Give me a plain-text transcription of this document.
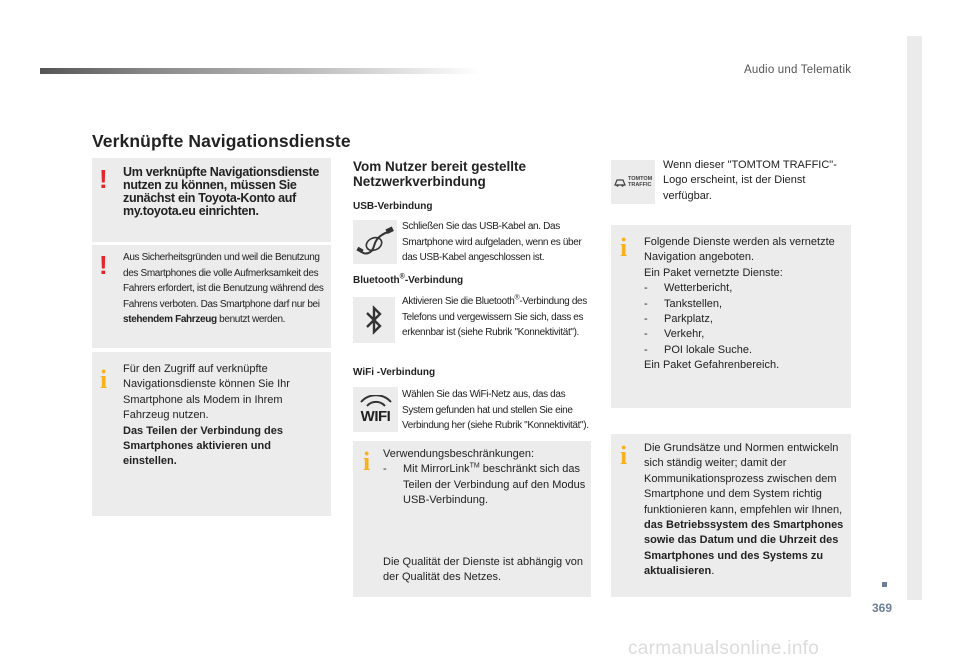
Audio und Telematik
369
carmanualsonline.info
Verknüpfte Navigationsdienste
! Um verknüpfte Navigationsdienste nutzen zu können, müssen Sie zunächst ein Toyota-Konto auf my.toyota.eu einrichten.
! Aus Sicherheitsgründen und weil die Benutzung des Smartphones die volle Aufmerksamkeit des Fahrers erfordert, ist die Benutzung während des Fahrens verboten. Das Smartphone darf nur bei stehendem Fahrzeug benutzt werden.
i Für den Zugriff auf verknüpfte Navigationsdienste können Sie Ihr Smartphone als Modem in Ihrem Fahrzeug nutzen.
Das Teilen der Verbindung des Smartphones aktivieren und einstellen.
Vom Nutzer bereit gestellte Netzwerkverbindung
USB-Verbindung
Schließen Sie das USB-Kabel an. Das Smartphone wird aufgeladen, wenn es über das USB-Kabel angeschlossen ist.
Bluetooth®-Verbindung
Aktivieren Sie die Bluetooth®-Verbindung des Telefons und vergewissern Sie sich, dass es erkennbar ist (siehe Rubrik "Konnektivität").
WiFi -Verbindung
WIFI
Wählen Sie das WiFi-Netz aus, das das System gefunden hat und stellen Sie eine Verbindung her (siehe Rubrik "Konnektivität").
i Verwendungsbeschränkungen:
- Mit MirrorLink™ beschränkt sich das Teilen der Verbindung auf den Modus USB-Verbindung.
Die Qualität der Dienste ist abhängig von der Qualität des Netzes.
TOMTOM
TRAFFIC
Wenn dieser "TOMTOM TRAFFIC"-Logo erscheint, ist der Dienst verfügbar.
i Folgende Dienste werden als vernetzte Navigation angeboten.
Ein Paket vernetzte Dienste:
- Wetterbericht,
- Tankstellen,
- Parkplatz,
- Verkehr,
- POI lokale Suche.
Ein Paket Gefahrenbereich.
i Die Grundsätze und Normen entwickeln sich ständig weiter; damit der Kommunikationsprozess zwischen dem Smartphone und dem System richtig funktionieren kann, empfehlen wir Ihnen, das Betriebssystem des Smartphones sowie das Datum und die Uhrzeit des Smartphones und des Systems zu aktualisieren.
